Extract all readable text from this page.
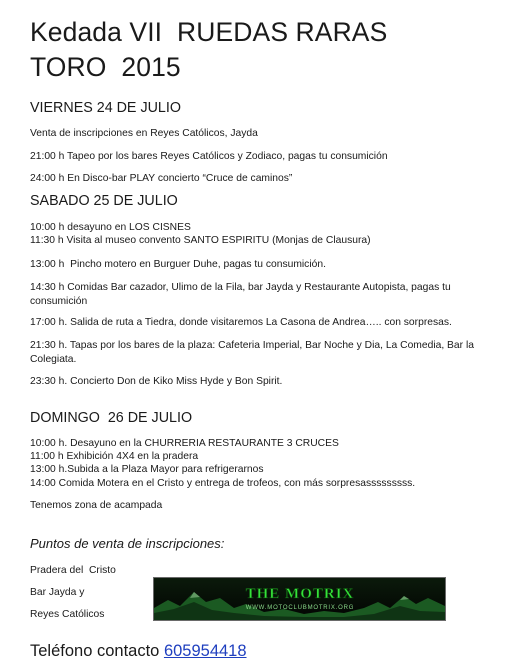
Kedada VII  RUEDAS RARAS
TORO  2015
VIERNES 24 DE JULIO

Venta de inscripciones en Reyes Católicos, Jayda

21:00 h Tapeo por los bares Reyes Católicos y Zodiaco, pagas tu consumición

24:00 h En Disco-bar PLAY concierto “Cruce de caminos”

SABADO 25 DE JULIO

10:00 h desayuno en LOS CISNES

11:30 h Visita al museo convento SANTO ESPIRITU (Monjas de Clausura)

13:00 h  Pincho motero en Burguer Duhe, pagas tu consumición.

14:30 h Comidas Bar cazador, Ulimo de la Fila, bar Jayda y Restaurante Autopista, pagas tu consumición

17:00 h. Salida de ruta a Tiedra, donde visitaremos La Casona de Andrea….. con sorpresas.

21:30 h. Tapas por los bares de la plaza: Cafeteria Imperial, Bar Noche y Dia, La Comedia, Bar la Colegiata.

23:30 h. Concierto Don de Kiko Miss Hyde y Bon Spirit.

DOMINGO  26 DE JULIO

10:00 h. Desayuno en la CHURRERIA RESTAURANTE 3 CRUCES

11:00 h Exhibición 4X4 en la pradera

13:00 h.Subida a la Plaza Mayor para refrigerarnos

14:00 Comida Motera en el Cristo y entrega de trofeos, con más sorpresasssssssss.

Tenemos zona de acampada

Puntos de venta de inscripciones:

Pradera del  Cristo

Bar Jayda y

Reyes Católicos

THE MOTRIX
WWW.MOTOCLUBMOTRIX.ORG

Teléfono contacto 605954418
